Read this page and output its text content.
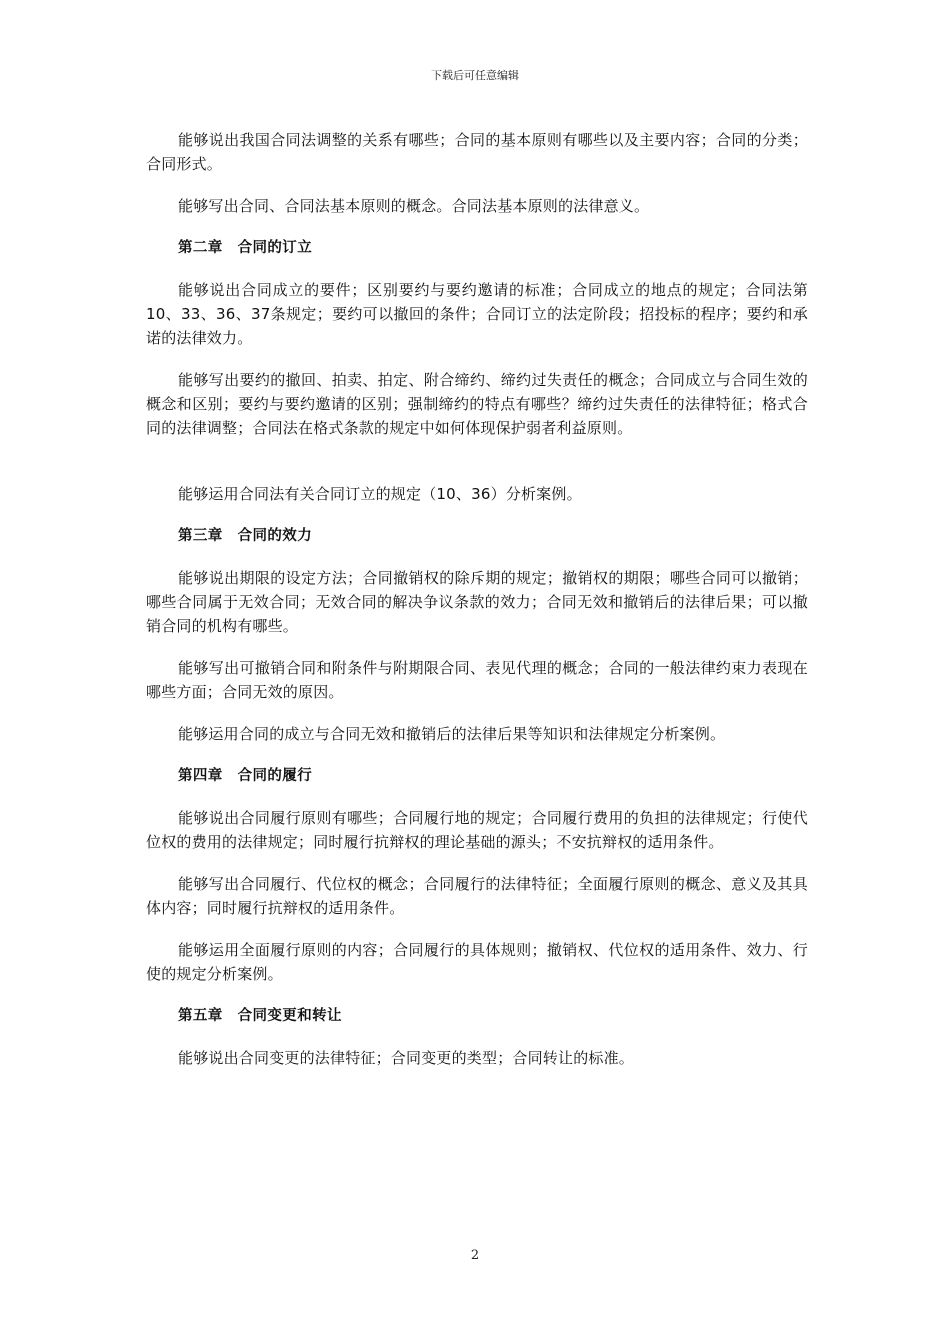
下载后可任意编辑

能够说出我国合同法调整的关系有哪些；合同的基本原则有哪些以及主要内容；合同的分类；合同形式。

能够写出合同、合同法基本原则的概念。合同法基本原则的法律意义。

第二章　合同的订立

能够说出合同成立的要件；区别要约与要约邀请的标准；合同成立的地点的规定；合同法第10、33、36、37条规定；要约可以撤回的条件；合同订立的法定阶段；招投标的程序；要约和承诺的法律效力。

能够写出要约的撤回、拍卖、拍定、附合缔约、缔约过失责任的概念；合同成立与合同生效的概念和区别；要约与要约邀请的区别；强制缔约的特点有哪些？缔约过失责任的法律特征；格式合同的法律调整；合同法在格式条款的规定中如何体现保护弱者利益原则。

能够运用合同法有关合同订立的规定（10、36）分析案例。

第三章　合同的效力

能够说出期限的设定方法；合同撤销权的除斥期的规定；撤销权的期限；哪些合同可以撤销；哪些合同属于无效合同；无效合同的解决争议条款的效力；合同无效和撤销后的法律后果；可以撤销合同的机构有哪些。

能够写出可撤销合同和附条件与附期限合同、表见代理的概念；合同的一般法律约束力表现在哪些方面；合同无效的原因。

能够运用合同的成立与合同无效和撤销后的法律后果等知识和法律规定分析案例。

第四章　合同的履行

能够说出合同履行原则有哪些；合同履行地的规定；合同履行费用的负担的法律规定；行使代位权的费用的法律规定；同时履行抗辩权的理论基础的源头；不安抗辩权的适用条件。

能够写出合同履行、代位权的概念；合同履行的法律特征；全面履行原则的概念、意义及其具体内容；同时履行抗辩权的适用条件。

能够运用全面履行原则的内容；合同履行的具体规则；撤销权、代位权的适用条件、效力、行使的规定分析案例。

第五章　合同变更和转让

能够说出合同变更的法律特征；合同变更的类型；合同转让的标准。

2
